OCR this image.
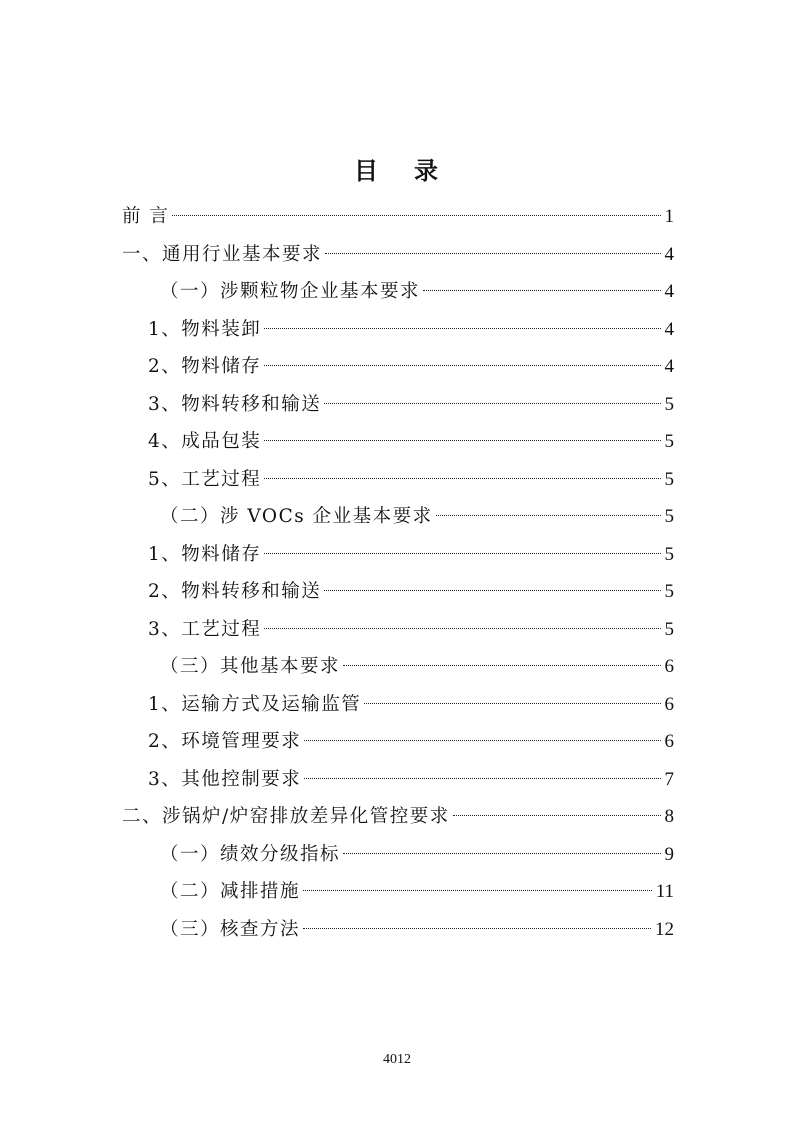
目 录
前 言	1
一、通用行业基本要求	4
（一）涉颗粒物企业基本要求	4
1、物料装卸	4
2、物料储存	4
3、物料转移和输送	5
4、成品包装	5
5、工艺过程	5
（二）涉 VOCs 企业基本要求	5
1、物料储存	5
2、物料转移和输送	5
3、工艺过程	5
（三）其他基本要求	6
1、运输方式及运输监管	6
2、环境管理要求	6
3、其他控制要求	7
二、涉锅炉/炉窑排放差异化管控要求	8
（一）绩效分级指标	9
（二）减排措施	11
（三）核查方法	12
4012
